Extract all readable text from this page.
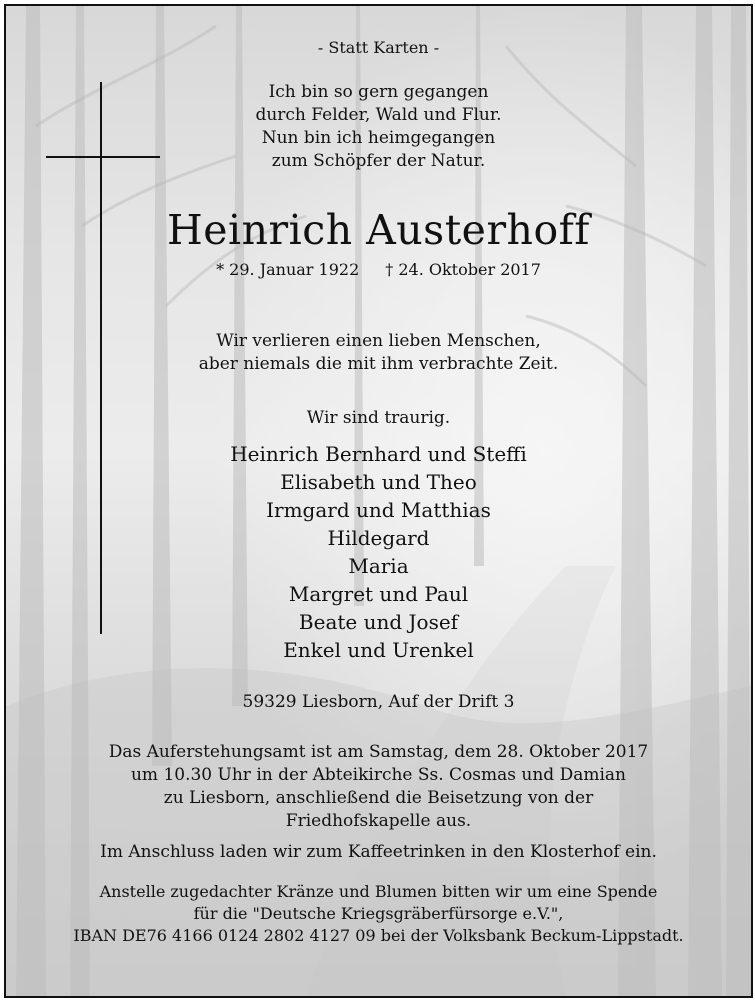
- Statt Karten -
Ich bin so gern gegangen
durch Felder, Wald und Flur.
Nun bin ich heimgegangen
zum Schöpfer der Natur.
Heinrich Austerhoff
* 29. Januar 1922 † 24. Oktober 2017
Wir verlieren einen lieben Menschen,
aber niemals die mit ihm verbrachte Zeit.
Wir sind traurig.
Heinrich Bernhard und Steffi
Elisabeth und Theo
Irmgard und Matthias
Hildegard
Maria
Margret und Paul
Beate und Josef
Enkel und Urenkel
59329 Liesborn, Auf der Drift 3
Das Auferstehungsamt ist am Samstag, dem 28. Oktober 2017
um 10.30 Uhr in der Abteikirche Ss. Cosmas und Damian
zu Liesborn, anschließend die Beisetzung von der
Friedhofskapelle aus.
Im Anschluss laden wir zum Kaffeetrinken in den Klosterhof ein.
Anstelle zugedachter Kränze und Blumen bitten wir um eine Spende
für die "Deutsche Kriegsgräberfürsorge e.V.",
IBAN DE76 4166 0124 2802 4127 09 bei der Volksbank Beckum-Lippstadt.
